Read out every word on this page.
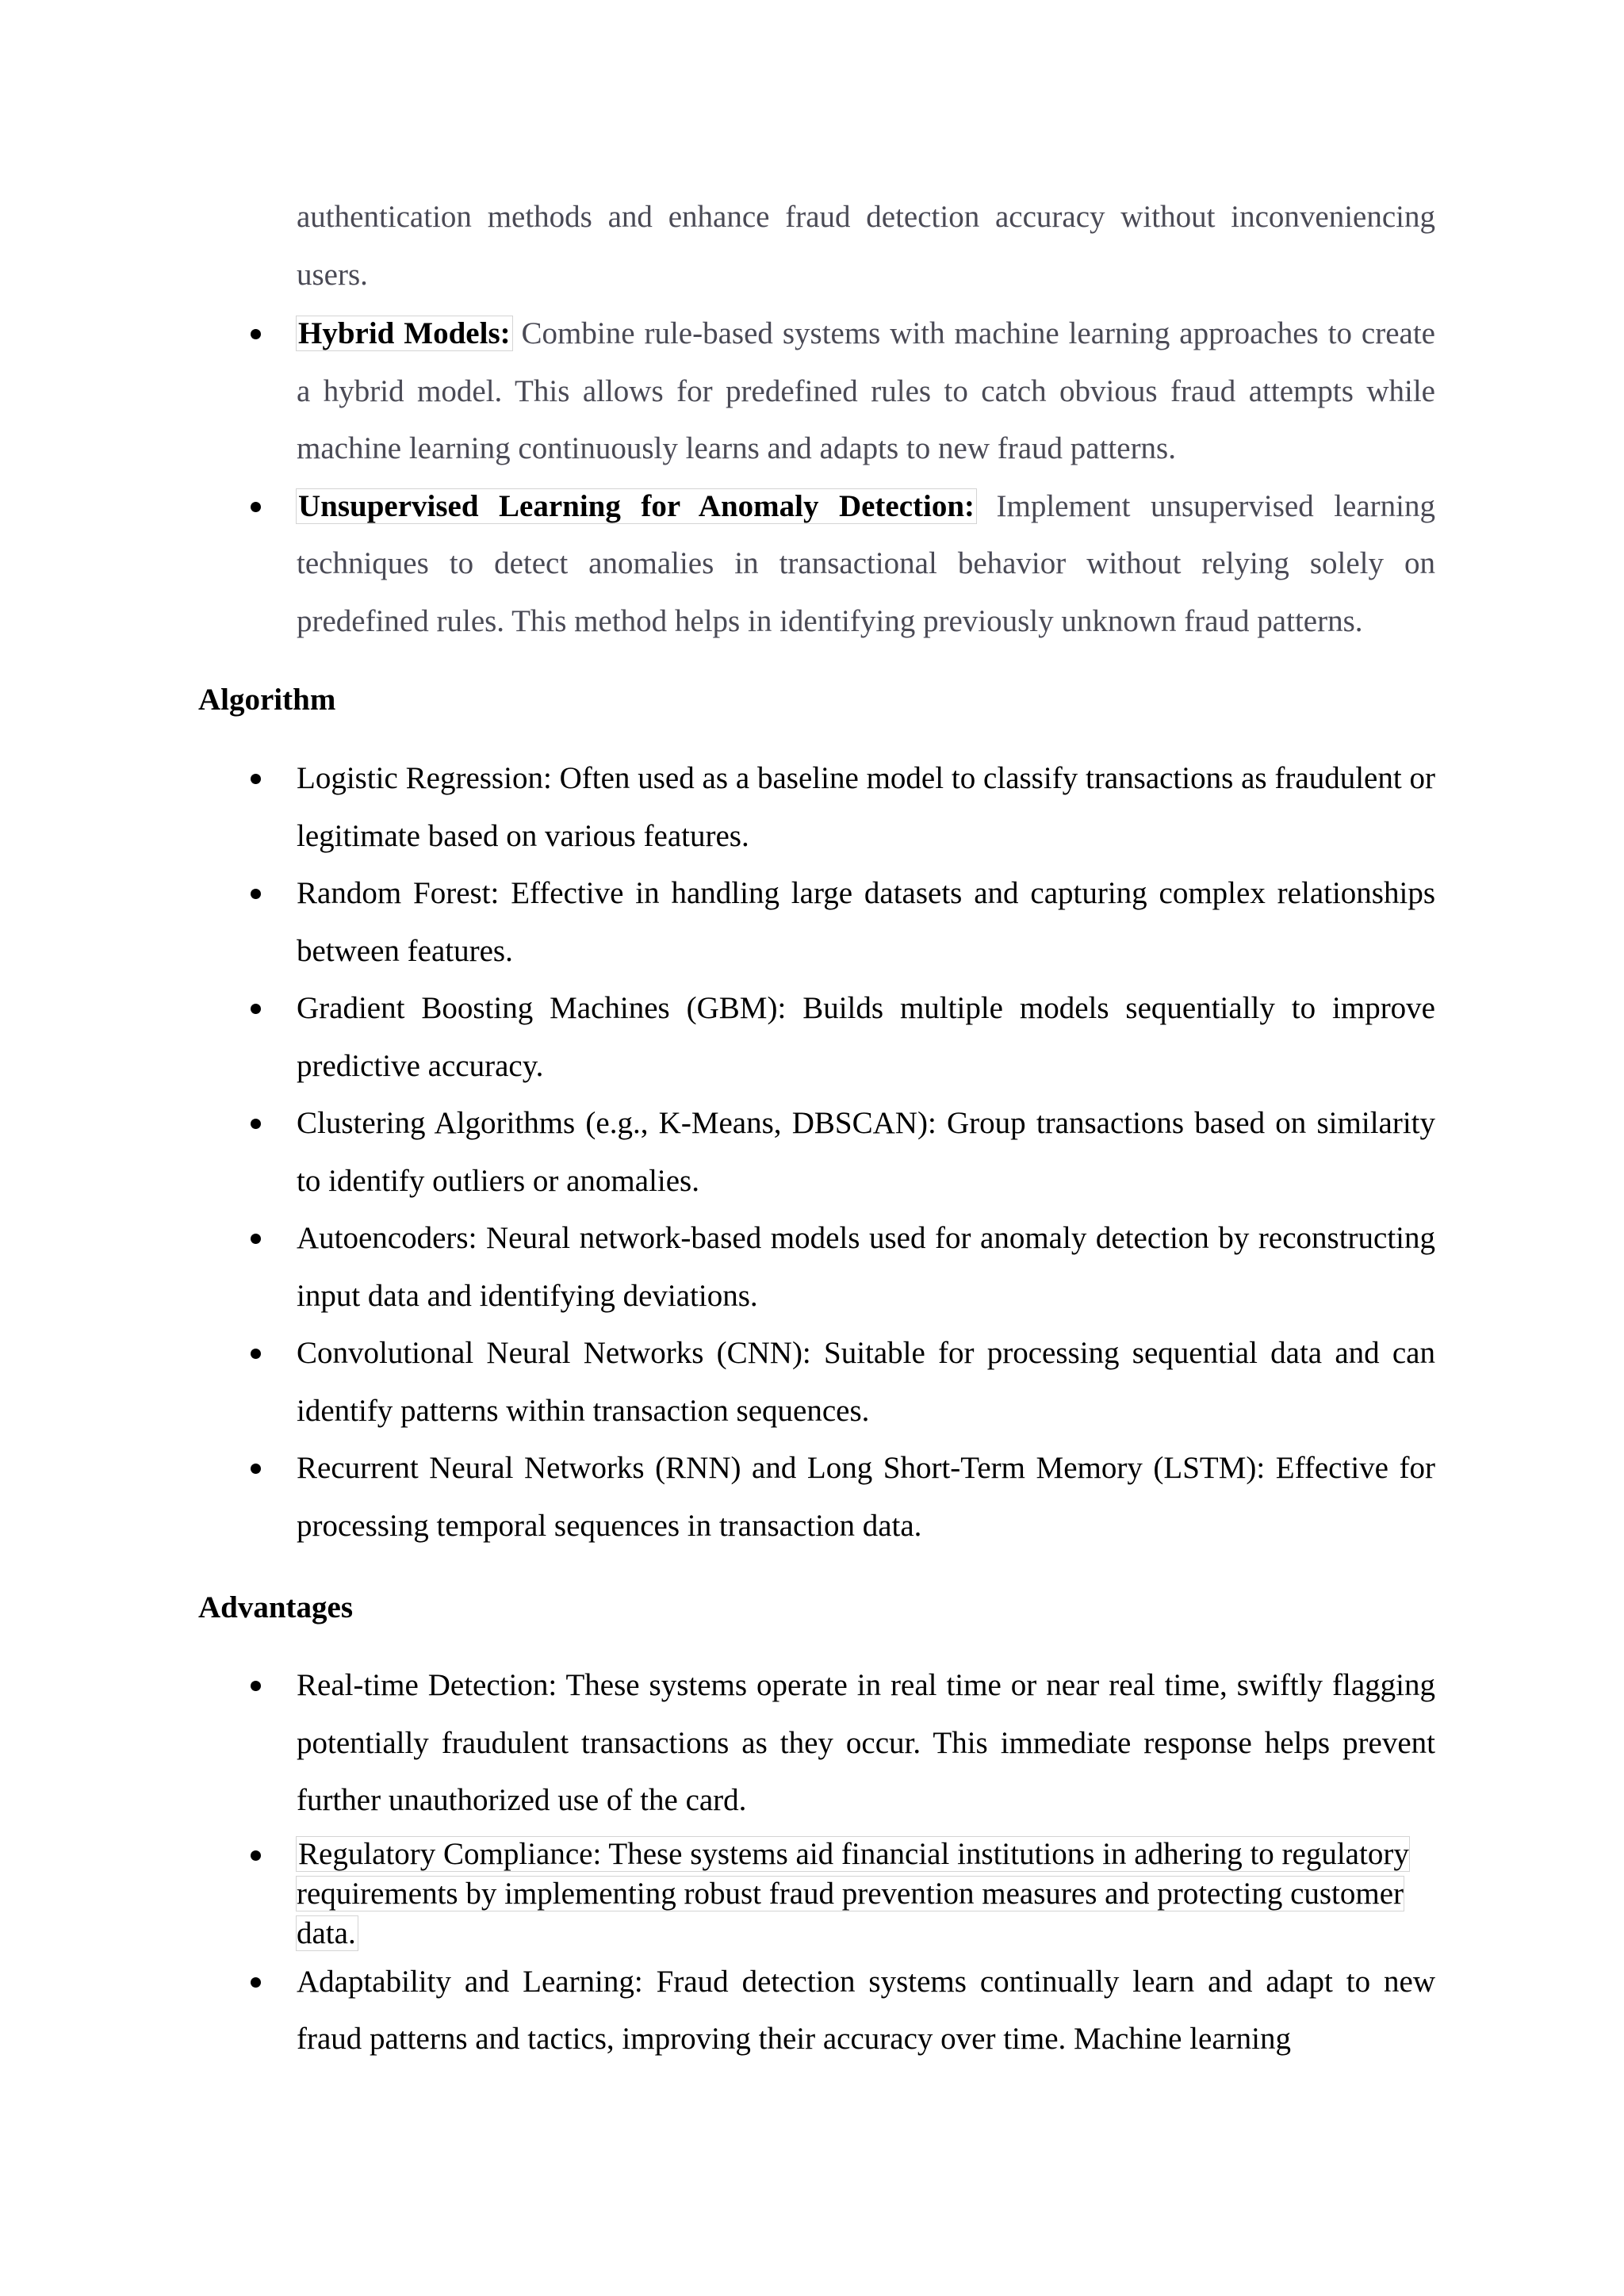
authentication methods and enhance fraud detection accuracy without inconveniencing users.

Hybrid Models: Combine rule-based systems with machine learning approaches to create a hybrid model. This allows for predefined rules to catch obvious fraud attempts while machine learning continuously learns and adapts to new fraud patterns.
Unsupervised Learning for Anomaly Detection: Implement unsupervised learning techniques to detect anomalies in transactional behavior without relying solely on predefined rules. This method helps in identifying previously unknown fraud patterns.
Algorithm
Logistic Regression: Often used as a baseline model to classify transactions as fraudulent or legitimate based on various features.
Random Forest: Effective in handling large datasets and capturing complex relationships between features.
Gradient Boosting Machines (GBM): Builds multiple models sequentially to improve predictive accuracy.
Clustering Algorithms (e.g., K-Means, DBSCAN): Group transactions based on similarity to identify outliers or anomalies.
Autoencoders: Neural network-based models used for anomaly detection by reconstructing input data and identifying deviations.
Convolutional Neural Networks (CNN): Suitable for processing sequential data and can identify patterns within transaction sequences.
Recurrent Neural Networks (RNN) and Long Short-Term Memory (LSTM): Effective for processing temporal sequences in transaction data.
Advantages
Real-time Detection: These systems operate in real time or near real time, swiftly flagging potentially fraudulent transactions as they occur. This immediate response helps prevent further unauthorized use of the card.
Regulatory Compliance: These systems aid financial institutions in adhering to regulatory requirements by implementing robust fraud prevention measures and protecting customer data.
Adaptability and Learning: Fraud detection systems continually learn and adapt to new fraud patterns and tactics, improving their accuracy over time. Machine learning
